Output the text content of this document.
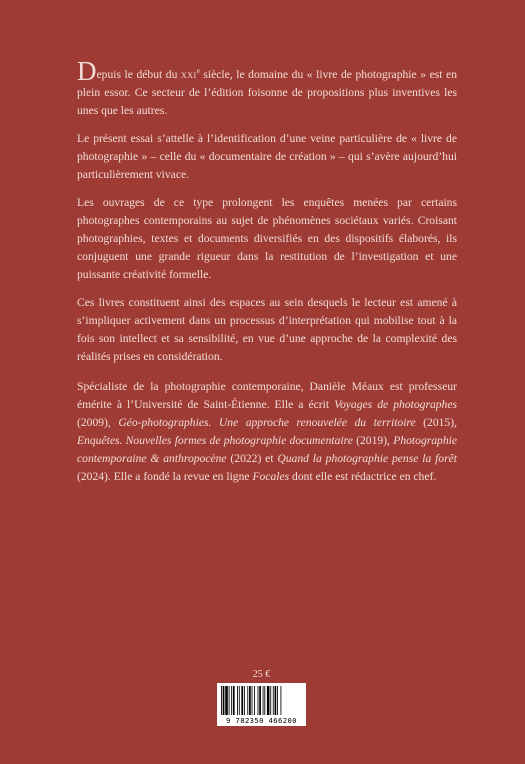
Depuis le début du xxi$^e$ siècle, le domaine du « livre de photographie » est en plein essor. Ce secteur de l’édition foisonne de propositions plus inventives les unes que les autres.

Le présent essai s’attelle à l’identification d’une veine particulière de « livre de photographie » – celle du « documentaire de création » – qui s’avère aujourd’hui particulièrement vivace.

Les ouvrages de ce type prolongent les enquêtes menées par certains photographes contemporains au sujet de phénomènes sociétaux variés. Croisant photographies, textes et documents diversifiés en des dispositifs élaborés, ils conjuguent une grande rigueur dans la restitution de l’investigation et une puissante créativité formelle.

Ces livres constituent ainsi des espaces au sein desquels le lecteur est amené à s’impliquer activement dans un processus d’interprétation qui mobilise tout à la fois son intellect et sa sensibilité, en vue d’une approche de la complexité des réalités prises en considération.

Spécialiste de la photographie contemporaine, Danièle Méaux est professeur émérite à l’Université de Saint-Étienne. Elle a écrit Voyages de photographes (2009), Géo-photographies. Une approche renouvelée du territoire (2015), Enquêtes. Nouvelles formes de photographie documentaire (2019), Photographie contemporaine & anthropocène (2022) et Quand la photographie pense la forêt (2024). Elle a fondé la revue en ligne Focales dont elle est rédactrice en chef.

25 €
9 782350 466200
